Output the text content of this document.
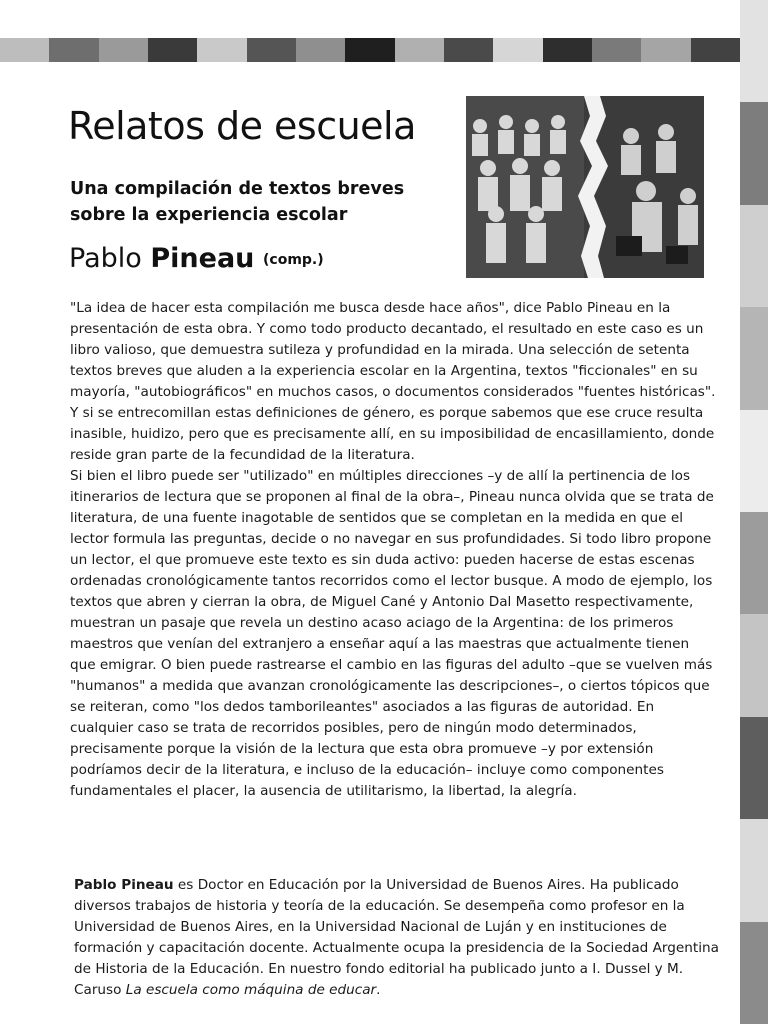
Relatos de escuela
Una compilación de textos breves sobre la experiencia escolar
Pablo Pineau (comp.)

"La idea de hacer esta compilación me busca desde hace años", dice Pablo Pineau en la presentación de esta obra. Y como todo producto decantado, el resultado en este caso es un libro valioso, que demuestra sutileza y profundidad en la mirada. Una selección de setenta textos breves que aluden a la experiencia escolar en la Argentina, textos "ficcionales" en su mayoría, "autobiográficos" en muchos casos, o documentos considerados "fuentes históricas". Y si se entrecomillan estas definiciones de género, es porque sabemos que ese cruce resulta inasible, huidizo, pero que es precisamente allí, en su imposibilidad de encasillamiento, donde reside gran parte de la fecundidad de la literatura.

Si bien el libro puede ser "utilizado" en múltiples direcciones –y de allí la pertinencia de los itinerarios de lectura que se proponen al final de la obra–, Pineau nunca olvida que se trata de literatura, de una fuente inagotable de sentidos que se completan en la medida en que el lector formula las preguntas, decide o no navegar en sus profundidades. Si todo libro propone un lector, el que promueve este texto es sin duda activo: pueden hacerse de estas escenas ordenadas cronológicamente tantos recorridos como el lector busque. A modo de ejemplo, los textos que abren y cierran la obra, de Miguel Cané y Antonio Dal Masetto respectivamente, muestran un pasaje que revela un destino acaso aciago de la Argentina: de los primeros maestros que venían del extranjero a enseñar aquí a las maestras que actualmente tienen que emigrar. O bien puede rastrearse el cambio en las figuras del adulto –que se vuelven más "humanos" a medida que avanzan cronológicamente las descripciones–, o ciertos tópicos que se reiteran, como "los dedos tamborileantes" asociados a las figuras de autoridad. En cualquier caso se trata de recorridos posibles, pero de ningún modo determinados, precisamente porque la visión de la lectura que esta obra promueve –y por extensión podríamos decir de la literatura, e incluso de la educación– incluye como componentes fundamentales el placer, la ausencia de utilitarismo, la libertad, la alegría.

Pablo Pineau es Doctor en Educación por la Universidad de Buenos Aires. Ha publicado diversos trabajos de historia y teoría de la educación. Se desempeña como profesor en la Universidad de Buenos Aires, en la Universidad Nacional de Luján y en instituciones de formación y capacitación docente. Actualmente ocupa la presidencia de la Sociedad Argentina de Historia de la Educación. En nuestro fondo editorial ha publicado junto a I. Dussel y M. Caruso La escuela como máquina de educar.
